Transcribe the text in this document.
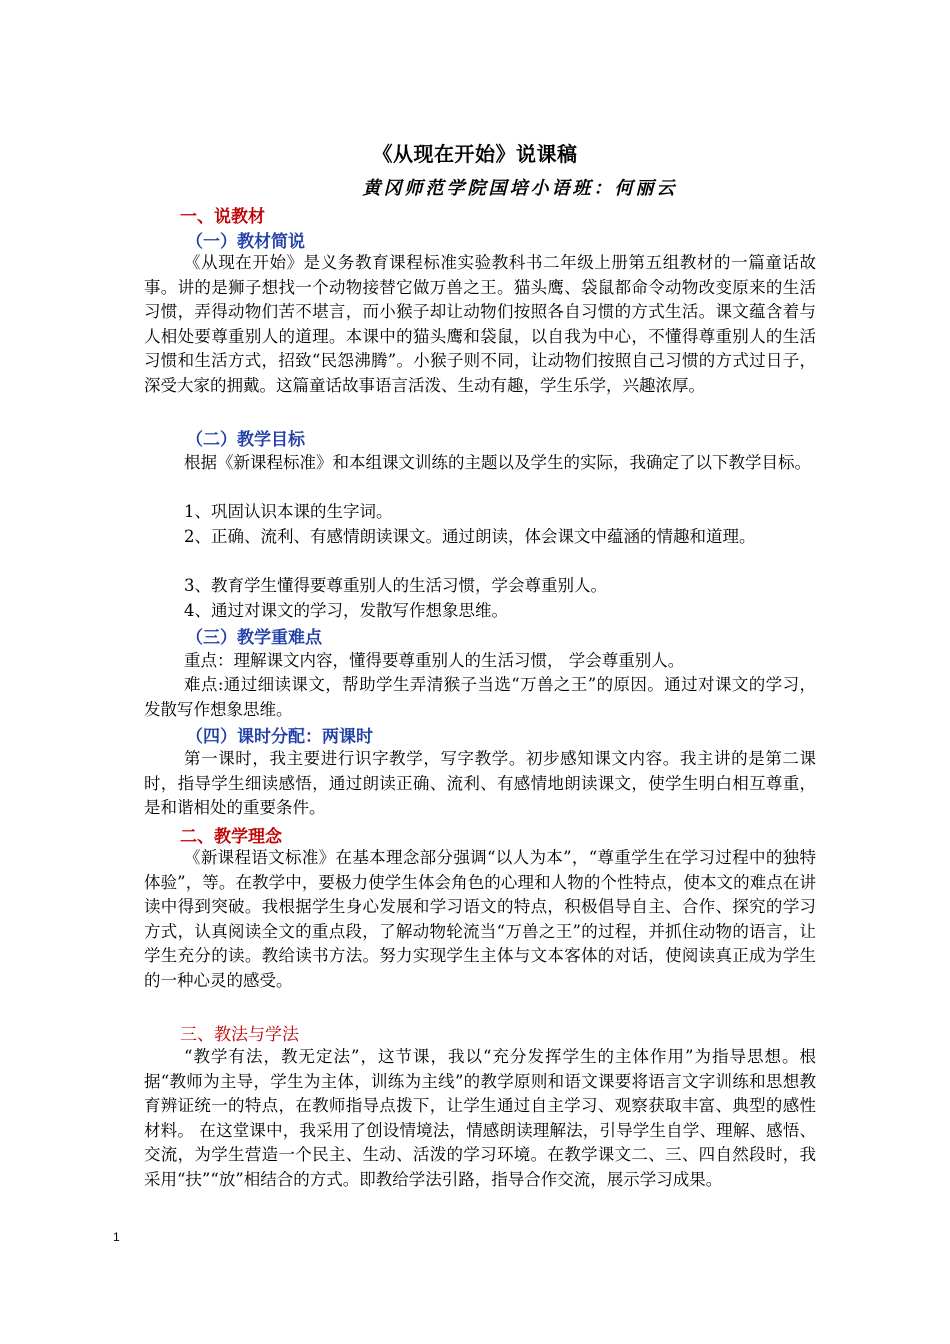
《从现在开始》说课稿
黄冈师范学院国培小语班：何丽云
一、说教材
（一）教材简说
《从现在开始》是义务教育课程标准实验教科书二年级上册第五组教材的一篇童话故事。讲的是狮子想找一个动物接替它做万兽之王。猫头鹰、袋鼠都命令动物改变原来的生活习惯，弄得动物们苦不堪言，而小猴子却让动物们按照各自习惯的方式生活。课文蕴含着与人相处要尊重别人的道理。本课中的猫头鹰和袋鼠，以自我为中心，不懂得尊重别人的生活习惯和生活方式，招致“民怨沸腾”。小猴子则不同，让动物们按照自己习惯的方式过日子，深受大家的拥戴。这篇童话故事语言活泼、生动有趣，学生乐学，兴趣浓厚。
（二）教学目标
根据《新课程标准》和本组课文训练的主题以及学生的实际，我确定了以下教学目标。
1、巩固认识本课的生字词。
2、正确、流利、有感情朗读课文。通过朗读，体会课文中蕴涵的情趣和道理。
3、教育学生懂得要尊重别人的生活习惯，学会尊重别人。
4、通过对课文的学习，发散写作想象思维。
（三）教学重难点
重点：理解课文内容，懂得要尊重别人的生活习惯， 学会尊重别人。
难点:通过细读课文，帮助学生弄清猴子当选“万兽之王”的原因。通过对课文的学习，发散写作想象思维。
（四）课时分配：两课时
第一课时，我主要进行识字教学，写字教学。初步感知课文内容。我主讲的是第二课时，指导学生细读感悟，通过朗读正确、流利、有感情地朗读课文，使学生明白相互尊重，是和谐相处的重要条件。
二、教学理念
《新课程语文标准》在基本理念部分强调“以人为本”，“尊重学生在学习过程中的独特体验”，等。在教学中，要极力使学生体会角色的心理和人物的个性特点，使本文的难点在讲读中得到突破。我根据学生身心发展和学习语文的特点，积极倡导自主、合作、探究的学习方式，认真阅读全文的重点段，了解动物轮流当“万兽之王”的过程，并抓住动物的语言，让学生充分的读。教给读书方法。努力实现学生主体与文本客体的对话，使阅读真正成为学生的一种心灵的感受。
三、教法与学法
“教学有法，教无定法”，这节课，我以“充分发挥学生的主体作用”为指导思想。根据“教师为主导，学生为主体，训练为主线”的教学原则和语文课要将语言文字训练和思想教育辨证统一的特点，在教师指导点拨下，让学生通过自主学习、观察获取丰富、典型的感性材料。 在这堂课中，我采用了创设情境法，情感朗读理解法，引导学生自学、理解、感悟、交流，为学生营造一个民主、生动、活泼的学习环境。在教学课文二、三、四自然段时，我采用“扶”“放”相结合的方式。即教给学法引路，指导合作交流，展示学习成果。
1
